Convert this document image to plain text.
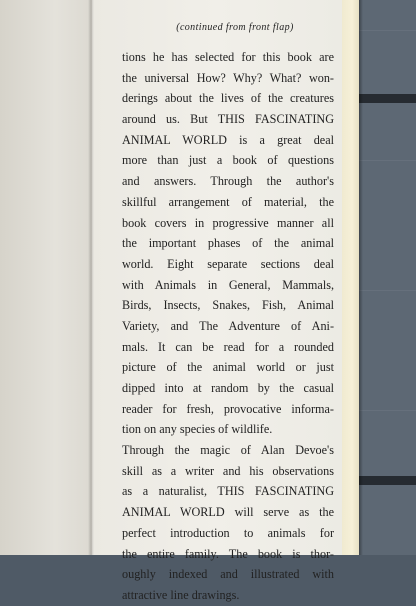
(continued from front flap)
tions he has selected for this book are
the universal How? Why? What? won-
derings about the lives of the creatures
around us. But THIS FASCINATING
ANIMAL WORLD is a great deal
more than just a book of questions
and answers. Through the author's
skillful arrangement of material, the
book covers in progressive manner all
the important phases of the animal
world. Eight separate sections deal
with Animals in General, Mammals,
Birds, Insects, Snakes, Fish, Animal
Variety, and The Adventure of Ani-
mals. It can be read for a rounded
picture of the animal world or just
dipped into at random by the casual
reader for fresh, provocative informa-
tion on any species of wildlife.
Through the magic of Alan Devoe's
skill as a writer and his observations
as a naturalist, THIS FASCINATING
ANIMAL WORLD will serve as the
perfect introduction to animals for
the entire family. The book is thor-
oughly indexed and illustrated with
attractive line drawings.
